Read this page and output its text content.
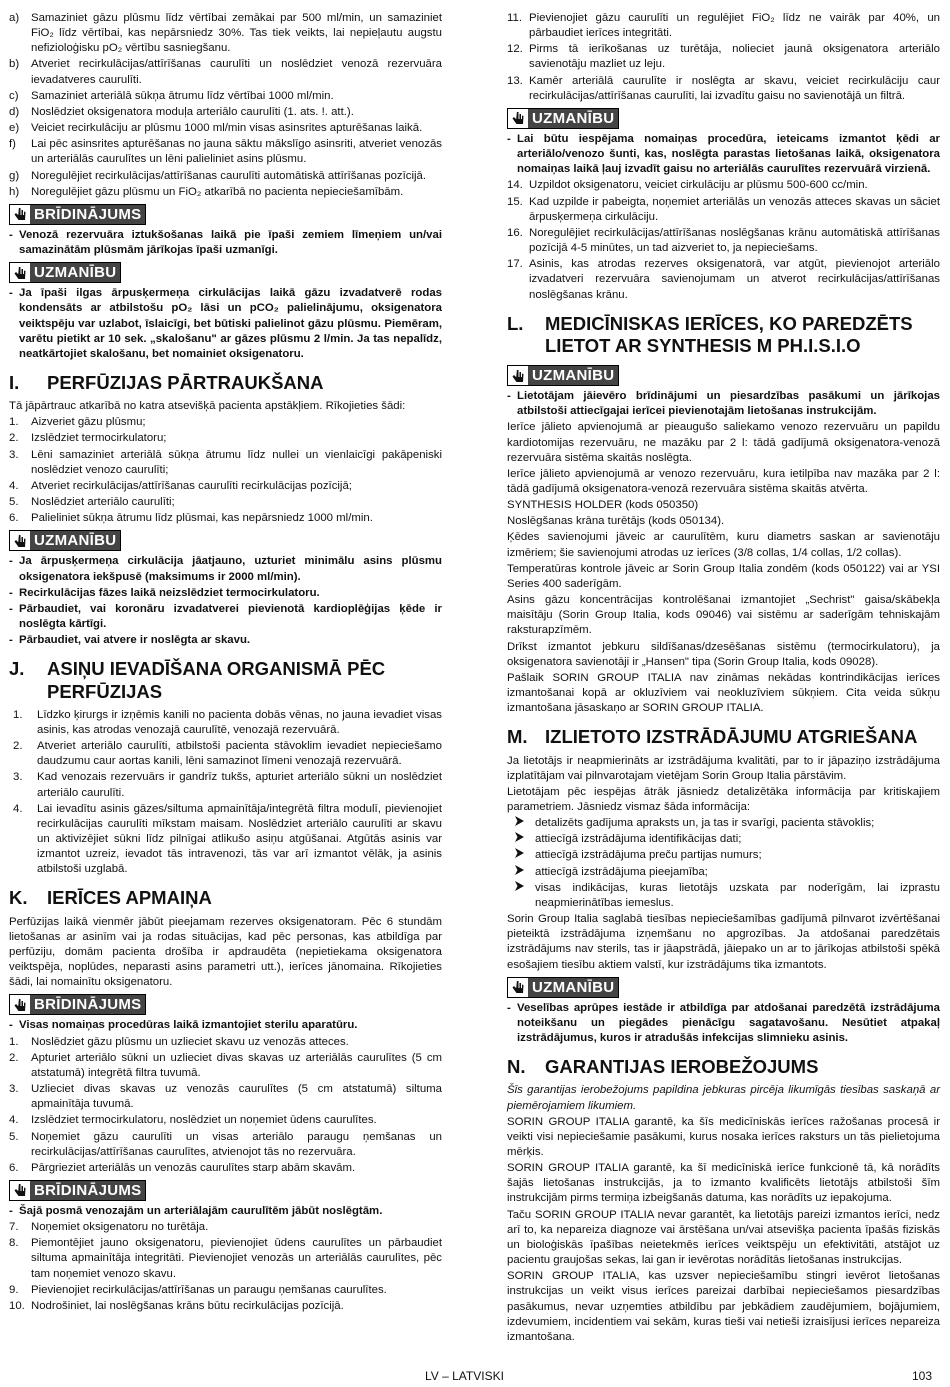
a)	Samaziniet gāzu plūsmu līdz vērtībai zemākai par 500 ml/min, un samaziniet FiO₂ līdz vērtībai, kas nepārsniedz 30%. Tas tiek veikts, lai nepieļautu augstu nefizioloģisku pO₂ vērtību sasniegšanu.
b)	Atveriet recirkulācijas/attīrīšanas caurulīti un noslēdziet venozā rezervuāra ievadatveres caurulīti.
c)	Samaziniet arteriālā sūkņa ātrumu līdz vērtībai 1000 ml/min.
d)	Noslēdziet oksigenatora moduļa arteriālo caurulīti (1. ats. !. att.).
e)	Veiciet recirkulāciju ar plūsmu 1000 ml/min visas asinsrites apturēšanas laikā.
f)	Lai pēc asinsrites apturēšanas no jauna sāktu mākslīgo asinsriti, atveriet venozās un arteriālās caurulītes un lēni palieliniet asins plūsmu.
g)	Noregulējiet recirkulācijas/attīrīšanas caurulīti automātiskā attīrīšanas pozīcijā.
h)	Noregulējiet gāzu plūsmu un FiO₂ atkarībā no pacienta nepieciešamībām.
BRĪDINĀJUMS
- Venozā rezervuāra iztukšošanas laikā pie īpaši zemiem līmeņiem un/vai samazinātām plūsmām jārīkojas īpaši uzmanīgi.
UZMANĪBU
- Ja īpaši ilgas ārpusķermeņa cirkulācijas laikā gāzu izvadatverē rodas kondensāts ar atbilstošu pO₂ lāsi un pCO₂ palielinājumu, oksigenatora veiktspēju var uzlabot, īslaicīgi, bet būtiski palielinot gāzu plūsmu. Piemēram, varētu pietikt ar 10 sek. „skalošanu" ar gāzes plūsmu 2 l/min. Ja tas nepalīdz, neatkārtojiet skalošanu, bet nomainiet oksigenatoru.
I.	PERFŪZIJAS PĀRTRAUKŠANA

Tā jāpārtrauc atkarībā no katra atsevišķā pacienta apstākļiem. Rīkojieties šādi:

1.	Aizveriet gāzu plūsmu;
2.	Izslēdziet termocirkulatoru;
3.	Lēni samaziniet arteriālā sūkņa ātrumu līdz nullei un vienlaicīgi pakāpeniski noslēdziet venozo caurulīti;
4.	Atveriet recirkulācijas/attīrīšanas caurulīti recirkulācijas pozīcijā;
5.	Noslēdziet arteriālo caurulīti;
6.	Palieliniet sūkņa ātrumu līdz plūsmai, kas nepārsniedz 1000 ml/min.
UZMANĪBU
- Ja ārpusķermeņa cirkulācija jāatjauno, uzturiet minimālu asins plūsmu oksigenatora iekšpusē (maksimums ir 2000 ml/min).
- Recirkulācijas fāzes laikā neizslēdziet termocirkulatoru.
- Pārbaudiet, vai koronāru izvadatverei pievienotā kardioplēģijas ķēde ir noslēgta kārtīgi.
- Pārbaudiet, vai atvere ir noslēgta ar skavu.
J.	ASIŅU IEVADĪŠANA ORGANISMĀ PĒC PERFŪZIJAS
1.	Līdzko ķirurgs ir izņēmis kanili no pacienta dobās vēnas, no jauna ievadiet visas asinis, kas atrodas venozajā caurulītē, venozajā rezervuārā.
2.	Atveriet arteriālo caurulīti, atbilstoši pacienta stāvoklim ievadiet nepieciešamo daudzumu caur aortas kanili, lēni samazinot līmeni venozajā rezervuārā.
3.	Kad venozais rezervuārs ir gandrīz tukšs, apturiet arteriālo sūkni un noslēdziet arteriālo caurulīti.
4.	Lai ievadītu asinis gāzes/siltuma apmainītāja/integrētā filtra modulī, pievienojiet recirkulācijas caurulīti mīkstam maisam. Noslēdziet arteriālo caurulīti ar skavu un aktivizējiet sūkni līdz pilnīgai atlikušo asiņu atgūšanai. Atgūtās asinis var izmantot uzreiz, ievadot tās intravenozi, tās var arī izmantot vēlāk, ja asinis atbilstoši uzglabā.
K.	IERĪCES APMAIŅA

Perfūzijas laikā vienmēr jābūt pieejamam rezerves oksigenatoram. Pēc 6 stundām lietošanas ar asinīm vai ja rodas situācijas, kad pēc personas, kas atbildīga par perfūziju, domām pacienta drošība ir apdraudēta (nepietiekama oksigenatora veiktspēja, noplūdes, neparasti asins parametri utt.), ierīces jānomaina. Rīkojieties šādi, lai nomainītu oksigenatoru.

BRĪDINĀJUMS
- Visas nomaiņas procedūras laikā izmantojiet sterilu aparatūru.
1.	Noslēdziet gāzu plūsmu un uzlieciet skavu uz venozās atteces.
2.	Apturiet arteriālo sūkni un uzlieciet divas skavas uz arteriālās caurulītes (5 cm atstatumā) integrētā filtra tuvumā.
3.	Uzlieciet divas skavas uz venozās caurulītes (5 cm atstatumā) siltuma apmainītāja tuvumā.
4.	Izslēdziet termocirkulatoru, noslēdziet un noņemiet ūdens caurulītes.
5.	Noņemiet gāzu caurulīti un visas arteriālo paraugu ņemšanas un recirkulācijas/attīrīšanas caurulītes, atvienojot tās no rezervuāra.
6.	Pārgrieziet arteriālās un venozās caurulītes starp abām skavām.
BRĪDINĀJUMS
- Šajā posmā venozajām un arteriālajām caurulītēm jābūt noslēgtām.
7.	Noņemiet oksigenatoru no turētāja.
8.	Piemontējiet jauno oksigenatoru, pievienojiet ūdens caurulītes un pārbaudiet siltuma apmainītāja integritāti. Pievienojiet venozās un arteriālās caurulītes, pēc tam noņemiet venozo skavu.
9.	Pievienojiet recirkulācijas/attīrīšanas un paraugu ņemšanas caurulītes.
10. Nodrošiniet, lai noslēgšanas krāns būtu recirkulācijas pozīcijā.
11. Pievienojiet gāzu caurulīti un regulējiet FiO₂ līdz ne vairāk par 40%, un pārbaudiet ierīces integritāti.
12. Pirms tā ierīkošanas uz turētāja, nolieciet jaunā oksigenatora arteriālo savienotāju mazliet uz leju.
13. Kamēr arteriālā caurulīte ir noslēgta ar skavu, veiciet recirkulāciju caur recirkulācijas/attīrīšanas caurulīti, lai izvadītu gaisu no savienotājā un filtrā.
UZMANĪBU
- Lai būtu iespējama nomaiņas procedūra, ieteicams izmantot ķēdi ar arteriālo/venozo šunti, kas, noslēgta parastas lietošanas laikā, oksigenatora nomaiņas laikā ļauj izvadīt gaisu no arteriālās caurulītes rezervuārā virzienā.
14. Uzpildot oksigenatoru, veiciet cirkulāciju ar plūsmu 500-600 cc/min.
15. Kad uzpilde ir pabeigta, noņemiet arteriālās un venozās atteces skavas un sāciet ārpusķermeņa cirkulāciju.
16. Noregulējiet recirkulācijas/attīrīšanas noslēgšanas krānu automātiskā attīrīšanas pozīcijā 4-5 minūtes, un tad aizveriet to, ja nepieciešams.
17. Asinis, kas atrodas rezerves oksigenatorā, var atgūt, pievienojot arteriālo izvadatveri rezervuāra savienojumam un atverot recirkulācijas/attīrīšanas noslēgšanas krānu.
L.	MEDICĪNISKAS IERĪCES, KO PAREDZĒTS LIETOT AR SYNTHESIS M PH.I.S.I.O
UZMANĪBU
- Lietotājam jāievēro brīdinājumi un piesardzības pasākumi un jārīkojas atbilstoši attiecīgajai ierīcei pievienotajām lietošanas instrukcijām.

Ierīce jālieto apvienojumā ar pieaugušo saliekamo venozo rezervuāru un papildu kardiotomijas rezervuāru, ne mazāku par 2 l: tādā gadījumā oksigenatora-venozā rezervuāra sistēma skaitās noslēgta.

Ierīce jālieto apvienojumā ar venozo rezervuāru, kura ietilpība nav mazāka par 2 l: tādā gadījumā oksigenatora-venozā rezervuāra sistēma skaitās atvērta.

SYNTHESIS HOLDER (kods 050350)

Noslēgšanas krāna turētājs (kods 050134).

Ķēdes savienojumi jāveic ar caurulītēm, kuru diametrs saskan ar savienotāju izmēriem; šie savienojumi atrodas uz ierīces (3/8 collas, 1/4 collas, 1/2 collas).

Temperatūras kontrole jāveic ar Sorin Group Italia zondēm (kods 050122) vai ar YSI Series 400 saderīgām.

Asins gāzu koncentrācijas kontrolēšanai izmantojiet „Sechrist" gaisa/skābekļa maisītāju (Sorin Group Italia, kods 09046) vai sistēmu ar saderīgām tehniskajām raksturapzīmēm.

Drīkst izmantot jebkuru sildīšanas/dzesēšanas sistēmu (termocirkulatoru), ja oksigenatora savienotāji ir „Hansen" tipa (Sorin Group Italia, kods 09028).

Pašlaik SORIN GROUP ITALIA nav zināmas nekādas kontrindikācijas ierīces izmantošanai kopā ar okluzīviem vai neokluzīviem sūkņiem. Cita veida sūkņu izmantošana jāsaskaņo ar SORIN GROUP ITALIA.

M. IZLIETOTO IZSTRĀDĀJUMU ATGRIEŠANA

Ja lietotājs ir neapmierināts ar izstrādājuma kvalitāti, par to ir jāpaziņo izstrādājuma izplatītājam vai pilnvarotajam vietējam Sorin Group Italia pārstāvim.

Lietotājam pēc iespējas ātrāk jāsniedz detalizētāka informācija par kritiskajiem parametriem. Jāsniedz vismaz šāda informācija:

detalizēts gadījuma apraksts un, ja tas ir svarīgi, pacienta stāvoklis;
attiecīgā izstrādājuma identifikācijas dati;
attiecīgā izstrādājuma preču partijas numurs;
attiecīgā izstrādājuma pieejamība;
visas indikācijas, kuras lietotājs uzskata par noderīgām, lai izprastu neapmierinātības iemeslus.

Sorin Group Italia saglabā tiesības nepieciešamības gadījumā pilnvarot izvērtēšanai pieteiktā izstrādājuma izņemšanu no apgrozības. Ja atdošanai paredzētais izstrādājums nav sterils, tas ir jāapstrādā, jāiepako un ar to jārīkojas atbilstoši spēkā esošajiem tiesību aktiem valstī, kur izstrādājums tika izmantots.

UZMANĪBU
- Veselības aprūpes iestāde ir atbildīga par atdošanai paredzētā izstrādājuma noteikšanu un piegādes pienācīgu sagatavošanu. Nesūtiet atpakaļ izstrādājumus, kuros ir atradušās infekcijas slimnieku asinis.
N.	GARANTIJAS IEROBEŽOJUMS

Šīs garantijas ierobežojums papildina jebkuras pircēja likumīgās tiesības saskaņā ar piemērojamiem likumiem.

SORIN GROUP ITALIA garantē, ka šīs medicīniskās ierīces ražošanas procesā ir veikti visi nepieciešamie pasākumi, kurus nosaka ierīces raksturs un tās pielietojuma mērķis.

SORIN GROUP ITALIA garantē, ka šī medicīniskā ierīce funkcionē tā, kā norādīts šajās lietošanas instrukcijās, ja to izmanto kvalificēts lietotājs atbilstoši šīm instrukcijām pirms termiņa izbeigšanās datuma, kas norādīts uz iepakojuma.

Taču SORIN GROUP ITALIA nevar garantēt, ka lietotājs pareizi izmantos ierīci, nedz arī to, ka nepareiza diagnoze vai ārstēšana un/vai atsevišķa pacienta īpašās fiziskās un bioloģiskās īpašības neietekmēs ierīces veiktspēju un efektivitāti, atstājot uz pacientu graujošas sekas, lai gan ir ievērotas norādītās lietošanas instrukcijas.

SORIN GROUP ITALIA, kas uzsver nepieciešamību stingri ievērot lietošanas instrukcijas un veikt visus ierīces pareizai darbībai nepieciešamos piesardzības pasākumus, nevar uzņemties atbildību par jebkādiem zaudējumiem, bojājumiem, izdevumiem, incidentiem vai sekām, kuras tieši vai netieši izraisījusi ierīces nepareiza izmantošana.

LV – LATVISKI	103
